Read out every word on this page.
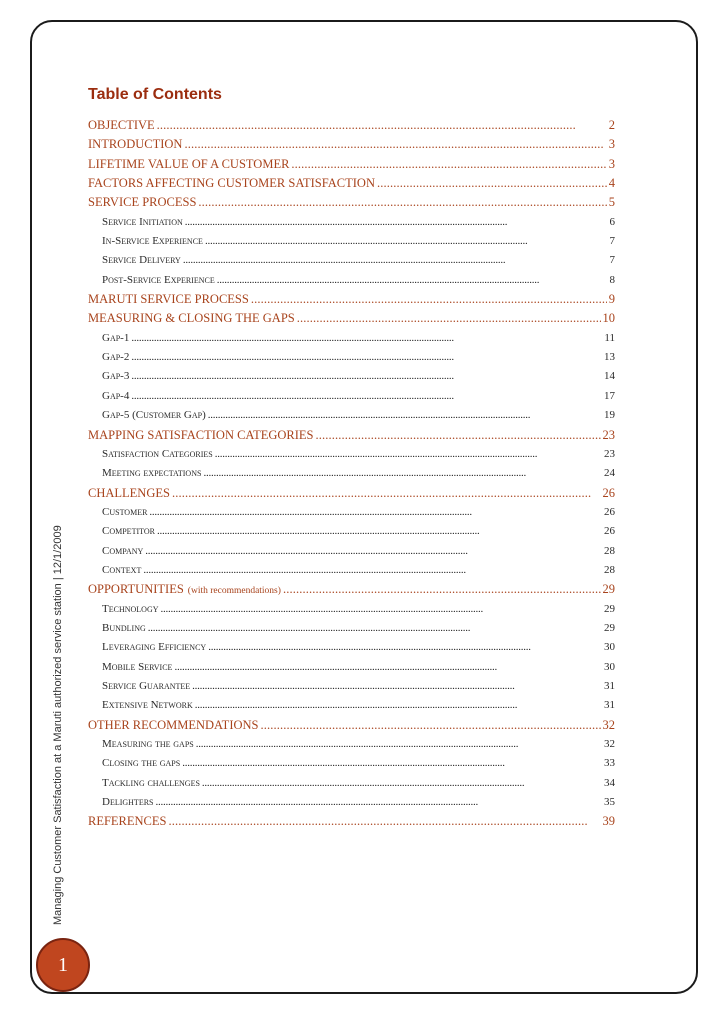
Managing Customer Satisfaction at a Maruti authorized service station | 12/1/2009
Table of Contents
OBJECTIVE . . .	2
INTRODUCTION . . .	3
LIFETIME VALUE OF A CUSTOMER . . .	3
FACTORS AFFECTING CUSTOMER SATISFACTION . . .	4
SERVICE PROCESS . . .	5
Service Initiation . . .	6
In-Service Experience . . .	7
Service Delivery . . .	7
Post-Service Experience . . .	8
MARUTI SERVICE PROCESS . . .	9
MEASURING & CLOSING THE GAPS . . .	10
Gap-1 . . .	11
Gap-2 . . .	13
Gap-3 . . .	14
Gap-4 . . .	17
Gap-5 (Customer Gap) . . .	19
MAPPING SATISFACTION CATEGORIES . . .	23
Satisfaction Categories . . .	23
Meeting expectations . . .	24
CHALLENGES . . .	26
Customer . . .	26
Competitor . . .	26
Company . . .	28
Context . . .	28
OPPORTUNITIES (with recommendations) . . .	29
Technology . . .	29
Bundling . . .	29
Leveraging Efficiency . . .	30
Mobile Service . . .	30
Service Guarantee . . .	31
Extensive Network . . .	31
OTHER RECOMMENDATIONS . . .	32
Measuring the gaps . . .	32
Closing the gaps . . .	33
Tackling challenges . . .	34
Delighters . . .	35
REFERENCES . . .	39
1
